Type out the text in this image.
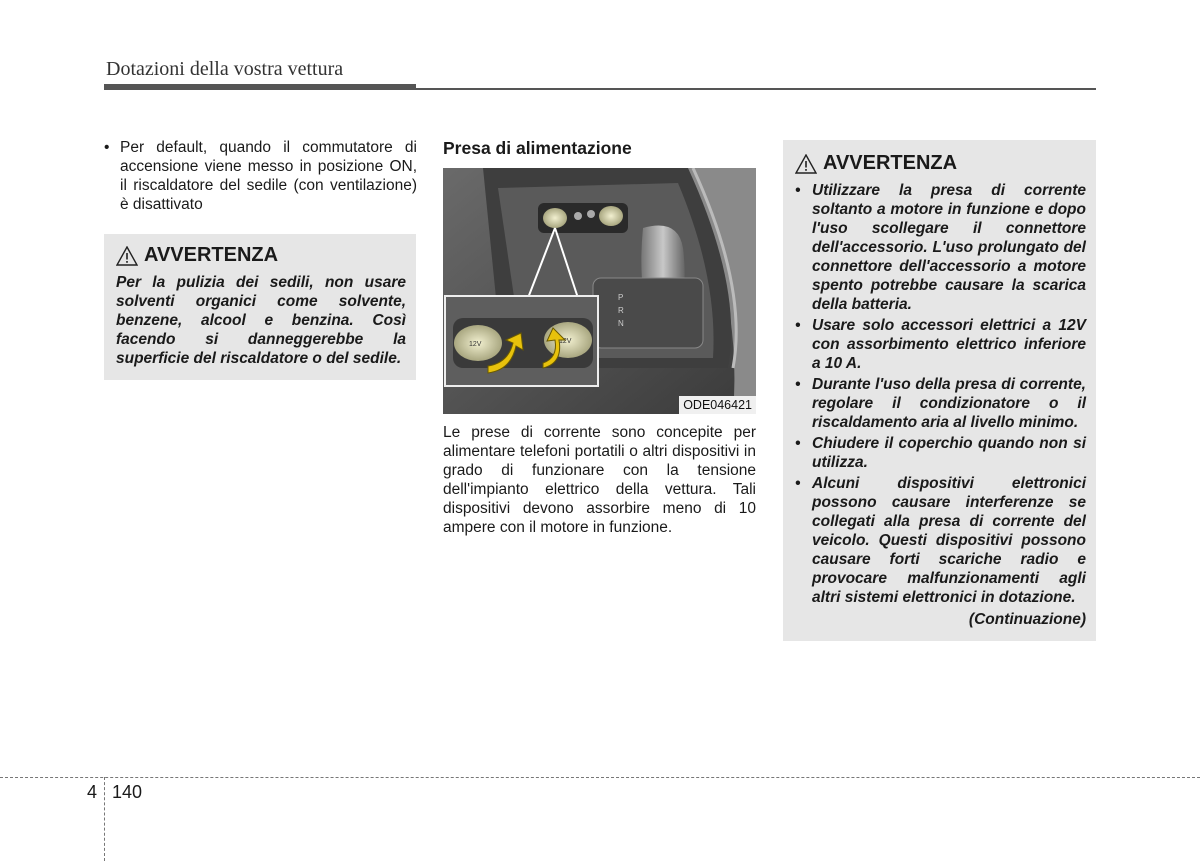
Dotazioni della vostra vettura
• Per default, quando il commutatore di accensione viene messo in posizione ON, il riscaldatore del sedile (con ventilazione) è disattivato
AVVERTENZA
Per la pulizia dei sedili, non usare solventi organici come solvente, benzene, alcool e benzina. Così facendo si danneggerebbe la superficie del riscaldatore o del sedile.
Presa di alimentazione
P
R
N
12V	12V
ODE046421
Le prese di corrente sono concepite per alimentare telefoni portatili o altri dispositivi in grado di funzionare con la tensione dell'impianto elettrico della vettura. Tali dispositivi devono assorbire meno di 10 ampere con il motore in funzione.
AVVERTENZA
• Utilizzare la presa di corrente soltanto a motore in funzione e dopo l'uso scollegare il connettore dell'accessorio. L'uso prolungato del connettore dell'accessorio a motore spento potrebbe causare la scarica della batteria.
• Usare solo accessori elettrici a 12V con assorbimento elettrico inferiore a 10 A.
• Durante l'uso della presa di corrente, regolare il condizionatore o il riscaldamento aria al livello minimo.
• Chiudere il coperchio quando non si utilizza.
• Alcuni dispositivi elettronici possono causare interferenze se collegati alla presa di corrente del veicolo. Questi dispositivi possono causare forti scariche radio e provocare malfunzionamenti agli altri sistemi elettronici in dotazione.
(Continuazione)
4 140
